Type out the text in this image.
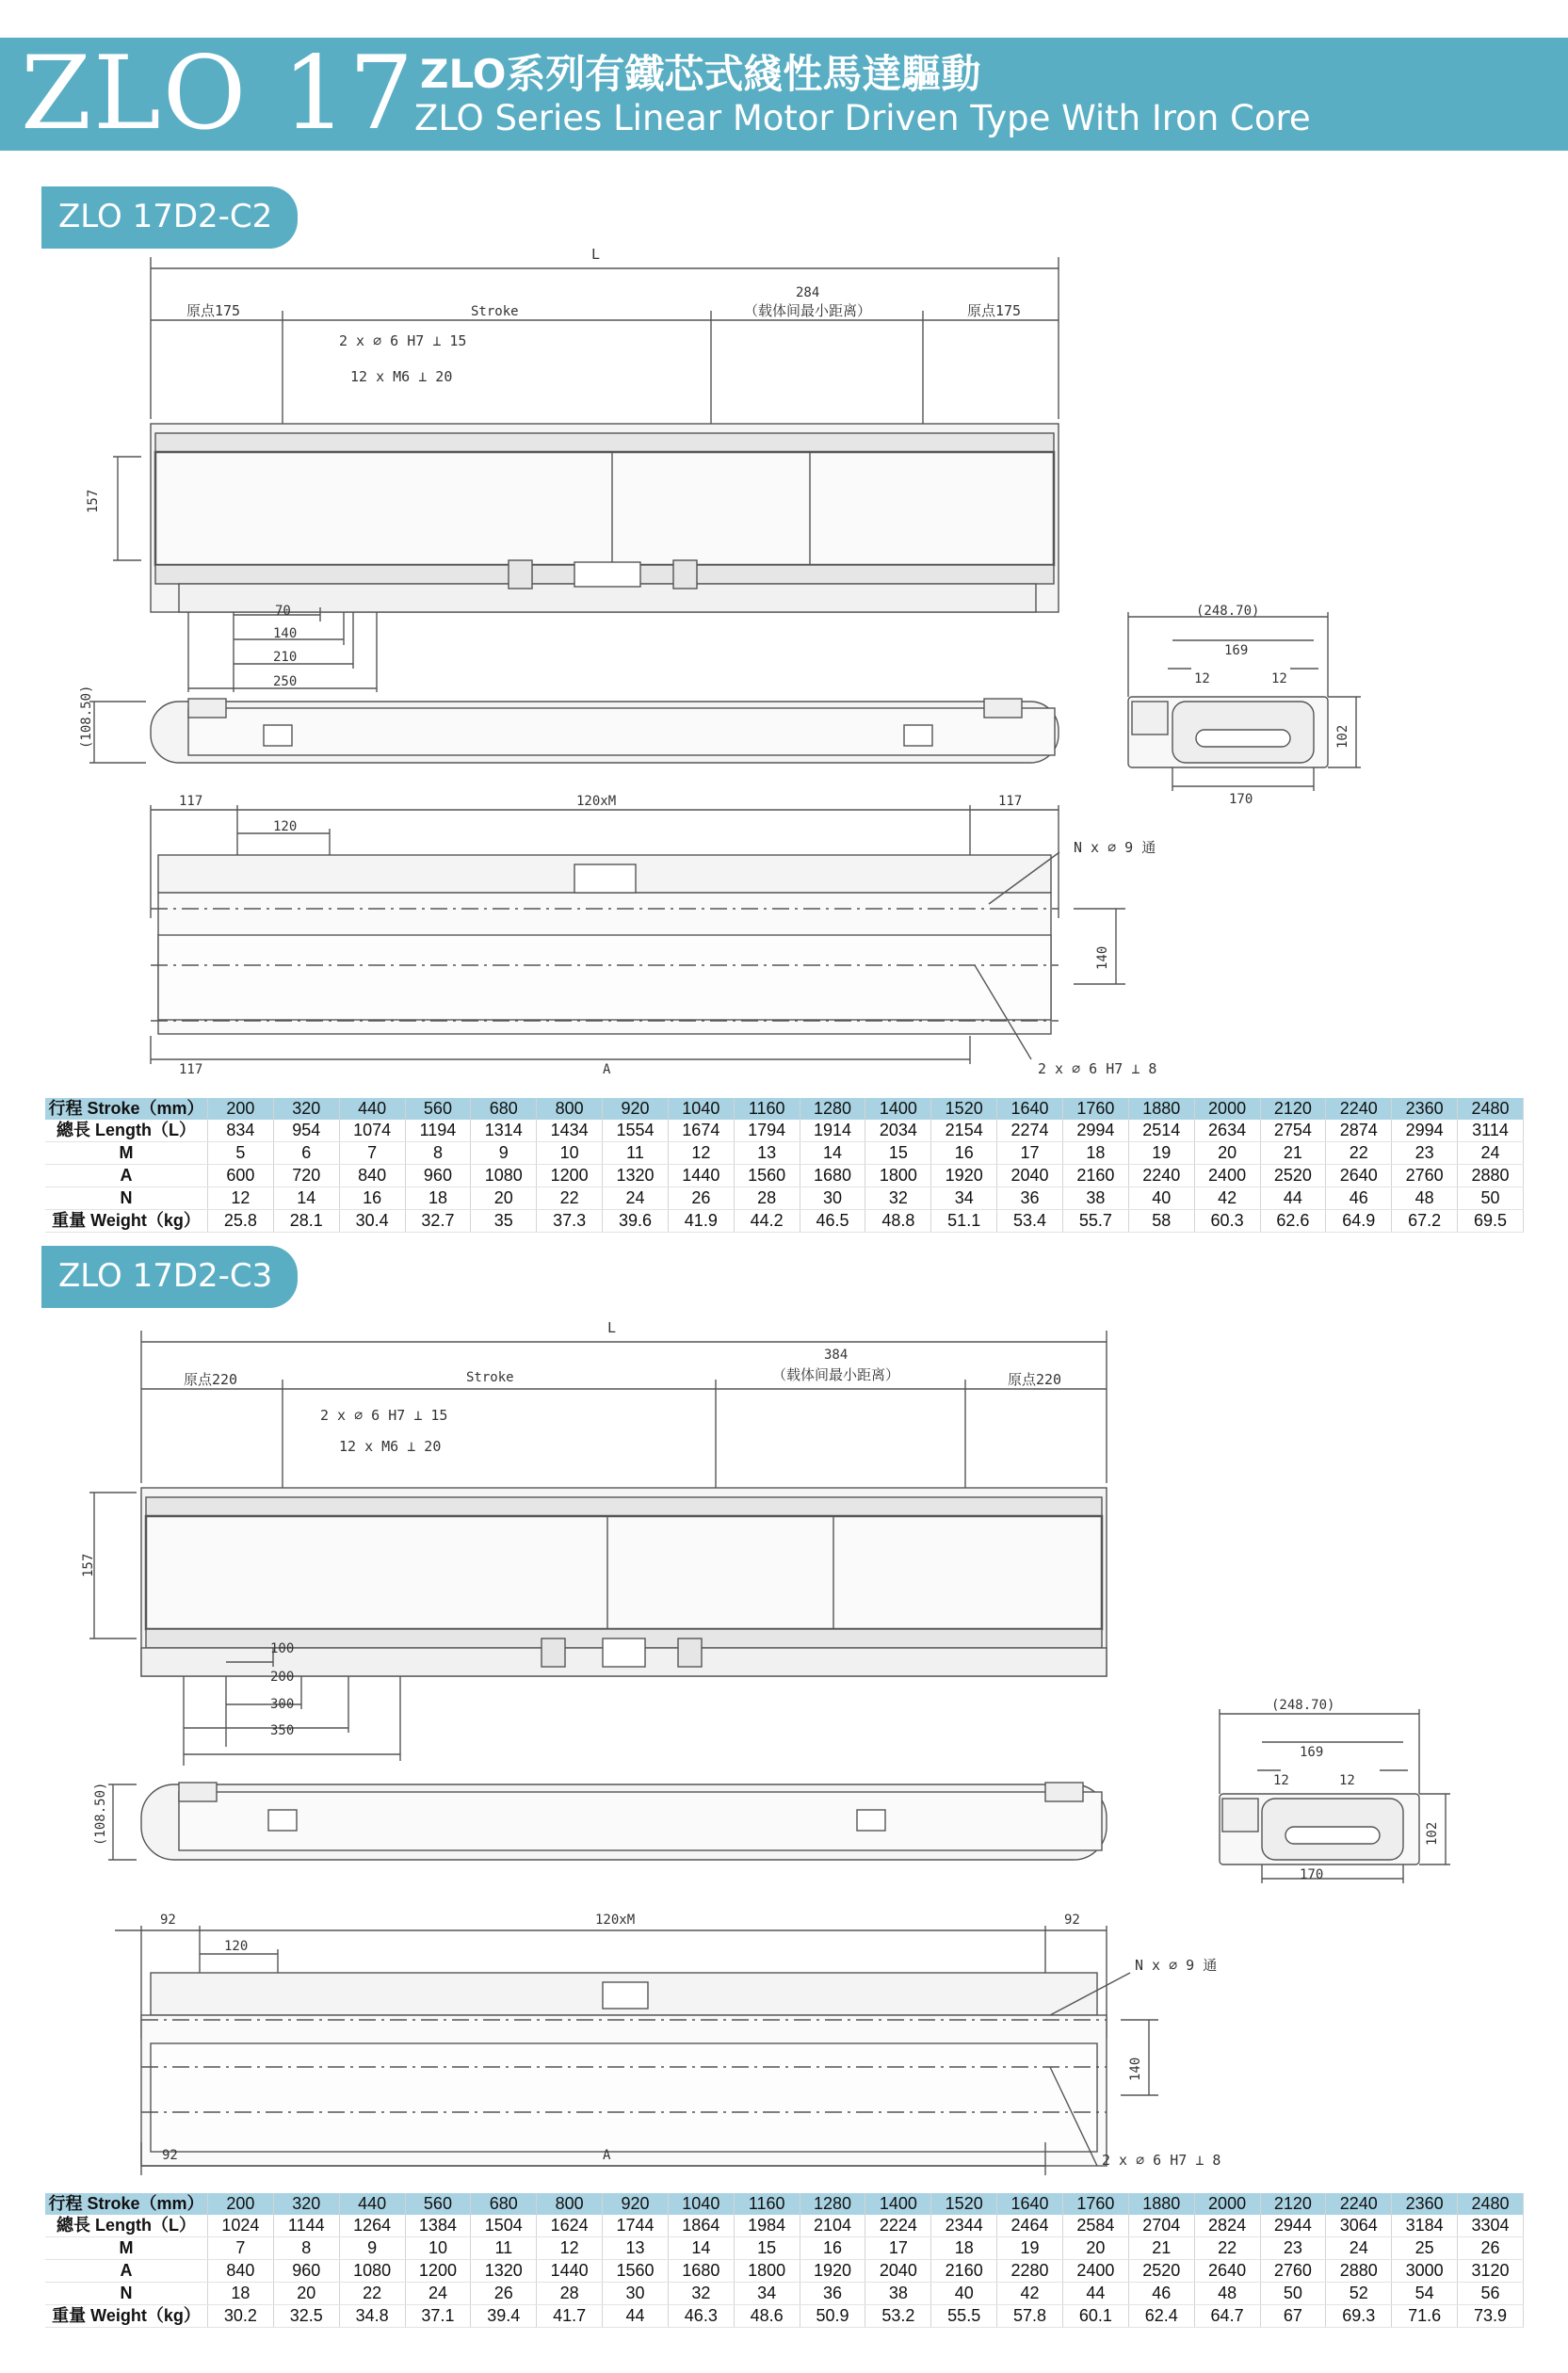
ZLO 17 ZLO系列有鐵芯式綫性馬達驅動
ZLO Series Linear Motor Driven Type With Iron Core
ZLO 17D2-C2
L
原点175	Stroke
284
（载体间最小距离）	原点175
2 x ∅ 6 H7 ⟂ 15
12 x M6 ⟂ 20
157
70
140
210
250
(108.50)
(248.70)
169
12	12
102
170
117	120xM	117
120
N x ∅ 9 通
140
117	A	2 x ∅ 6 H7 ⟂ 8
行程 Stroke（mm）	200	320	440	560	680	800	920	1040	1160	1280	1400	1520	1640	1760	1880	2000	2120	2240	2360	2480
總長 Length（L）	834	954	1074	1194	1314	1434	1554	1674	1794	1914	2034	2154	2274	2994	2514	2634	2754	2874	2994	3114
M	5	6	7	8	9	10	11	12	13	14	15	16	17	18	19	20	21	22	23	24
A	600	720	840	960	1080	1200	1320	1440	1560	1680	1800	1920	2040	2160	2240	2400	2520	2640	2760	2880
N	12	14	16	18	20	22	24	26	28	30	32	34	36	38	40	42	44	46	48	50
重量 Weight（kg）	25.8	28.1	30.4	32.7	35	37.3	39.6	41.9	44.2	46.5	48.8	51.1	53.4	55.7	58	60.3	62.6	64.9	67.2	69.5
ZLO 17D2-C3
L
原点220	Stroke
384
（载体间最小距离）	原点220
2 x ∅ 6 H7 ⟂ 15
12 x M6 ⟂ 20
157
100
200
300
350
(108.50)
(248.70)
169
12	12
102
170
92	120xM	92
120
N x ∅ 9 通
140
92	A	2 x ∅ 6 H7 ⟂ 8
行程 Stroke（mm）	200	320	440	560	680	800	920	1040	1160	1280	1400	1520	1640	1760	1880	2000	2120	2240	2360	2480
總長 Length（L）	1024	1144	1264	1384	1504	1624	1744	1864	1984	2104	2224	2344	2464	2584	2704	2824	2944	3064	3184	3304
M	7	8	9	10	11	12	13	14	15	16	17	18	19	20	21	22	23	24	25	26
A	840	960	1080	1200	1320	1440	1560	1680	1800	1920	2040	2160	2280	2400	2520	2640	2760	2880	3000	3120
N	18	20	22	24	26	28	30	32	34	36	38	40	42	44	46	48	50	52	54	56
重量 Weight（kg）	30.2	32.5	34.8	37.1	39.4	41.7	44	46.3	48.6	50.9	53.2	55.5	57.8	60.1	62.4	64.7	67	69.3	71.6	73.9
